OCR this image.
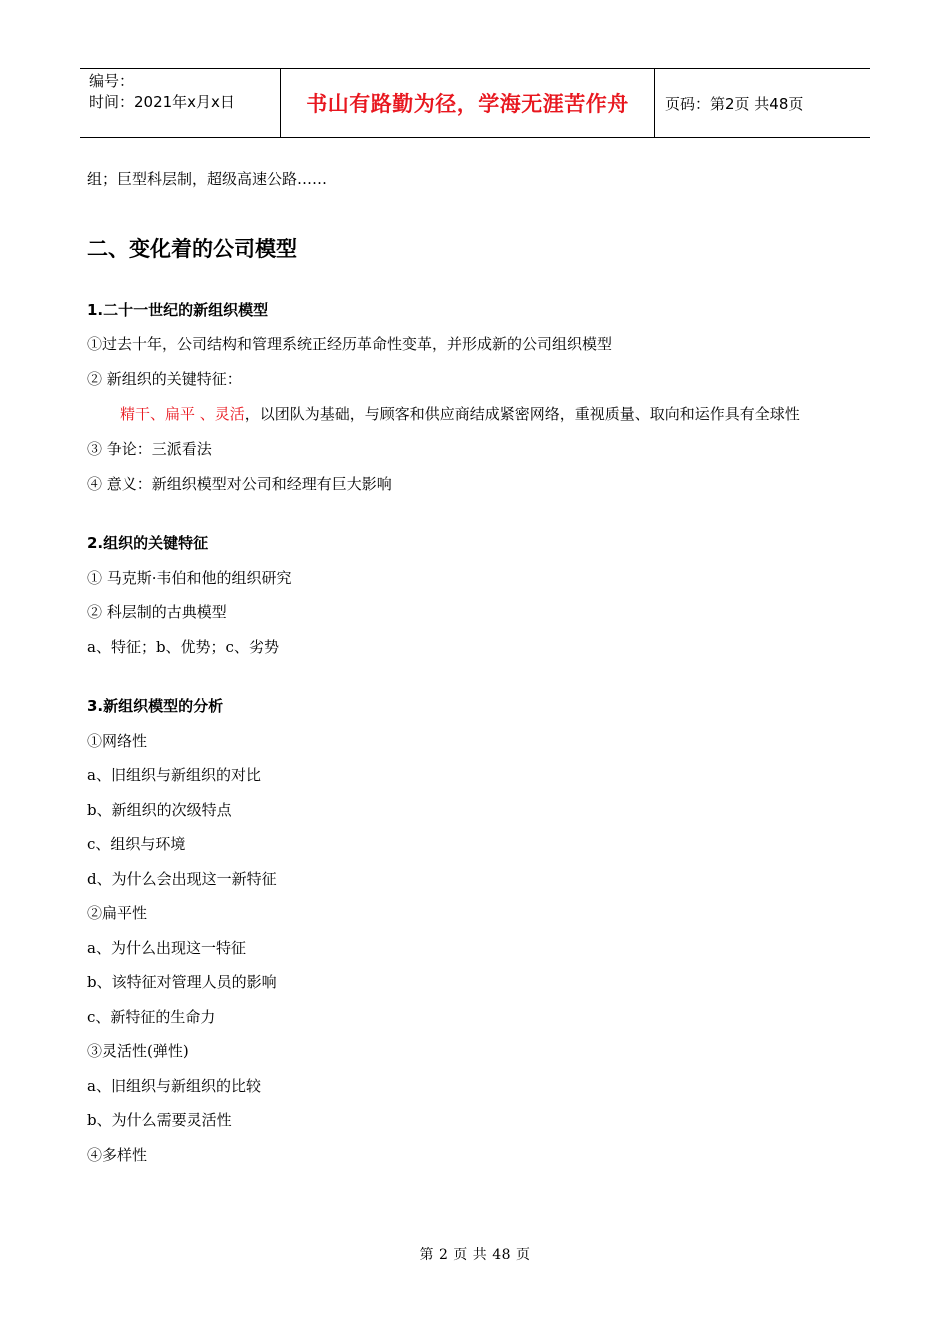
编号：
时间：2021年x月x日	书山有路勤为径，学海无涯苦作舟 页码：第2页 共48页
组；巨型科层制，超级高速公路……
二、变化着的公司模型
1.二十一世纪的新组织模型
①过去十年，公司结构和管理系统正经历革命性变革，并形成新的公司组织模型
② 新组织的关键特征：
精干、扁平 、灵活，以团队为基础，与顾客和供应商结成紧密网络，重视质量、取向和运作具有全球性
③ 争论：三派看法
④ 意义：新组织模型对公司和经理有巨大影响
2.组织的关键特征
① 马克斯·韦伯和他的组织研究
② 科层制的古典模型
a、特征；b、优势；c、劣势
3.新组织模型的分析
①网络性
a、旧组织与新组织的对比
b、新组织的次级特点
c、组织与环境
d、为什么会出现这一新特征
②扁平性
a、为什么出现这一特征
b、该特征对管理人员的影响
c、新特征的生命力
③灵活性(弹性)
a、旧组织与新组织的比较
b、为什么需要灵活性
④多样性
第 2 页 共 48 页
